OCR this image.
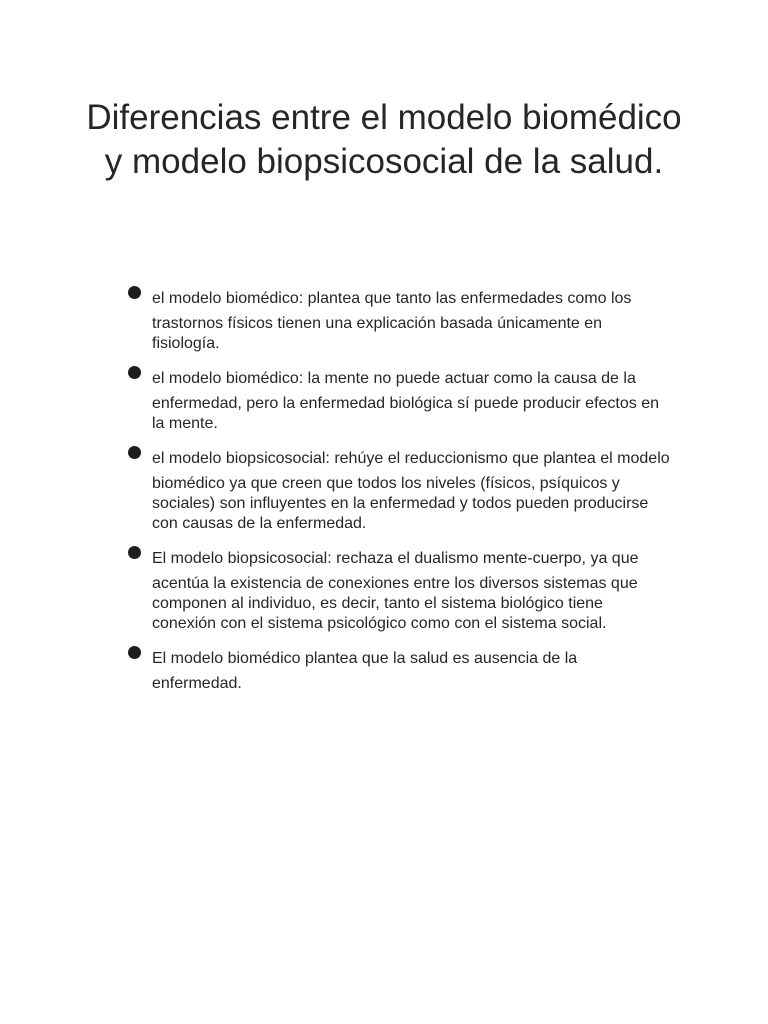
Diferencias entre el modelo biomédico y modelo biopsicosocial de la salud.
el modelo biomédico: plantea que tanto las enfermedades como los trastornos físicos tienen una explicación basada únicamente en fisiología.
el modelo biomédico: la mente no puede actuar como la causa de la enfermedad, pero la enfermedad biológica sí puede producir efectos en la mente.
el modelo biopsicosocial: rehúye el reduccionismo que plantea el modelo biomédico ya que creen que todos los niveles (físicos, psíquicos y sociales) son influyentes en la enfermedad y todos pueden producirse con causas de la enfermedad.
El modelo biopsicosocial: rechaza el dualismo mente-cuerpo, ya que acentúa la existencia de conexiones entre los diversos sistemas que componen al individuo, es decir, tanto el sistema biológico tiene conexión con el sistema psicológico como con el sistema social.
El modelo biomédico plantea que la salud es ausencia de la enfermedad.
